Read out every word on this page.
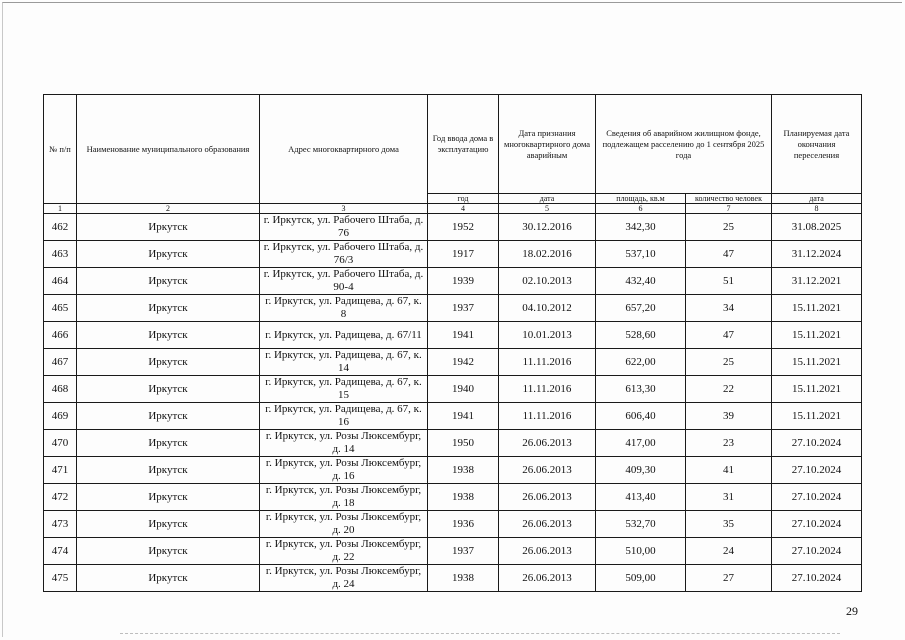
№ п/п	Наименование муниципального образования	Адрес многоквартирного дома	Год ввода дома в эксплуатацию	Дата признания многоквартирного дома аварийным	Сведения об аварийном жилищном фонде, подлежащем расселению до 1 сентября 2025 года		Планируемая дата окончания переселения
			год	дата	площадь, кв.м	количество человек	дата
1	2	3	4	5	6	7	8
462	Иркутск	г. Иркутск, ул. Рабочего Штаба, д. 76	1952	30.12.2016	342,30	25	31.08.2025
463	Иркутск	г. Иркутск, ул. Рабочего Штаба, д. 76/3	1917	18.02.2016	537,10	47	31.12.2024
464	Иркутск	г. Иркутск, ул. Рабочего Штаба, д. 90-4	1939	02.10.2013	432,40	51	31.12.2021
465	Иркутск	г. Иркутск, ул. Радищева, д. 67, к. 8	1937	04.10.2012	657,20	34	15.11.2021
466	Иркутск	г. Иркутск, ул. Радищева, д. 67/11	1941	10.01.2013	528,60	47	15.11.2021
467	Иркутск	г. Иркутск, ул. Радищева, д. 67, к. 14	1942	11.11.2016	622,00	25	15.11.2021
468	Иркутск	г. Иркутск, ул. Радищева, д. 67, к. 15	1940	11.11.2016	613,30	22	15.11.2021
469	Иркутск	г. Иркутск, ул. Радищева, д. 67, к. 16	1941	11.11.2016	606,40	39	15.11.2021
470	Иркутск	г. Иркутск, ул. Розы Люксембург, д. 14	1950	26.06.2013	417,00	23	27.10.2024
471	Иркутск	г. Иркутск, ул. Розы Люксембург, д. 16	1938	26.06.2013	409,30	41	27.10.2024
472	Иркутск	г. Иркутск, ул. Розы Люксембург, д. 18	1938	26.06.2013	413,40	31	27.10.2024
473	Иркутск	г. Иркутск, ул. Розы Люксембург, д. 20	1936	26.06.2013	532,70	35	27.10.2024
474	Иркутск	г. Иркутск, ул. Розы Люксембург, д. 22	1937	26.06.2013	510,00	24	27.10.2024
475	Иркутск	г. Иркутск, ул. Розы Люксембург, д. 24	1938	26.06.2013	509,00	27	27.10.2024
29
